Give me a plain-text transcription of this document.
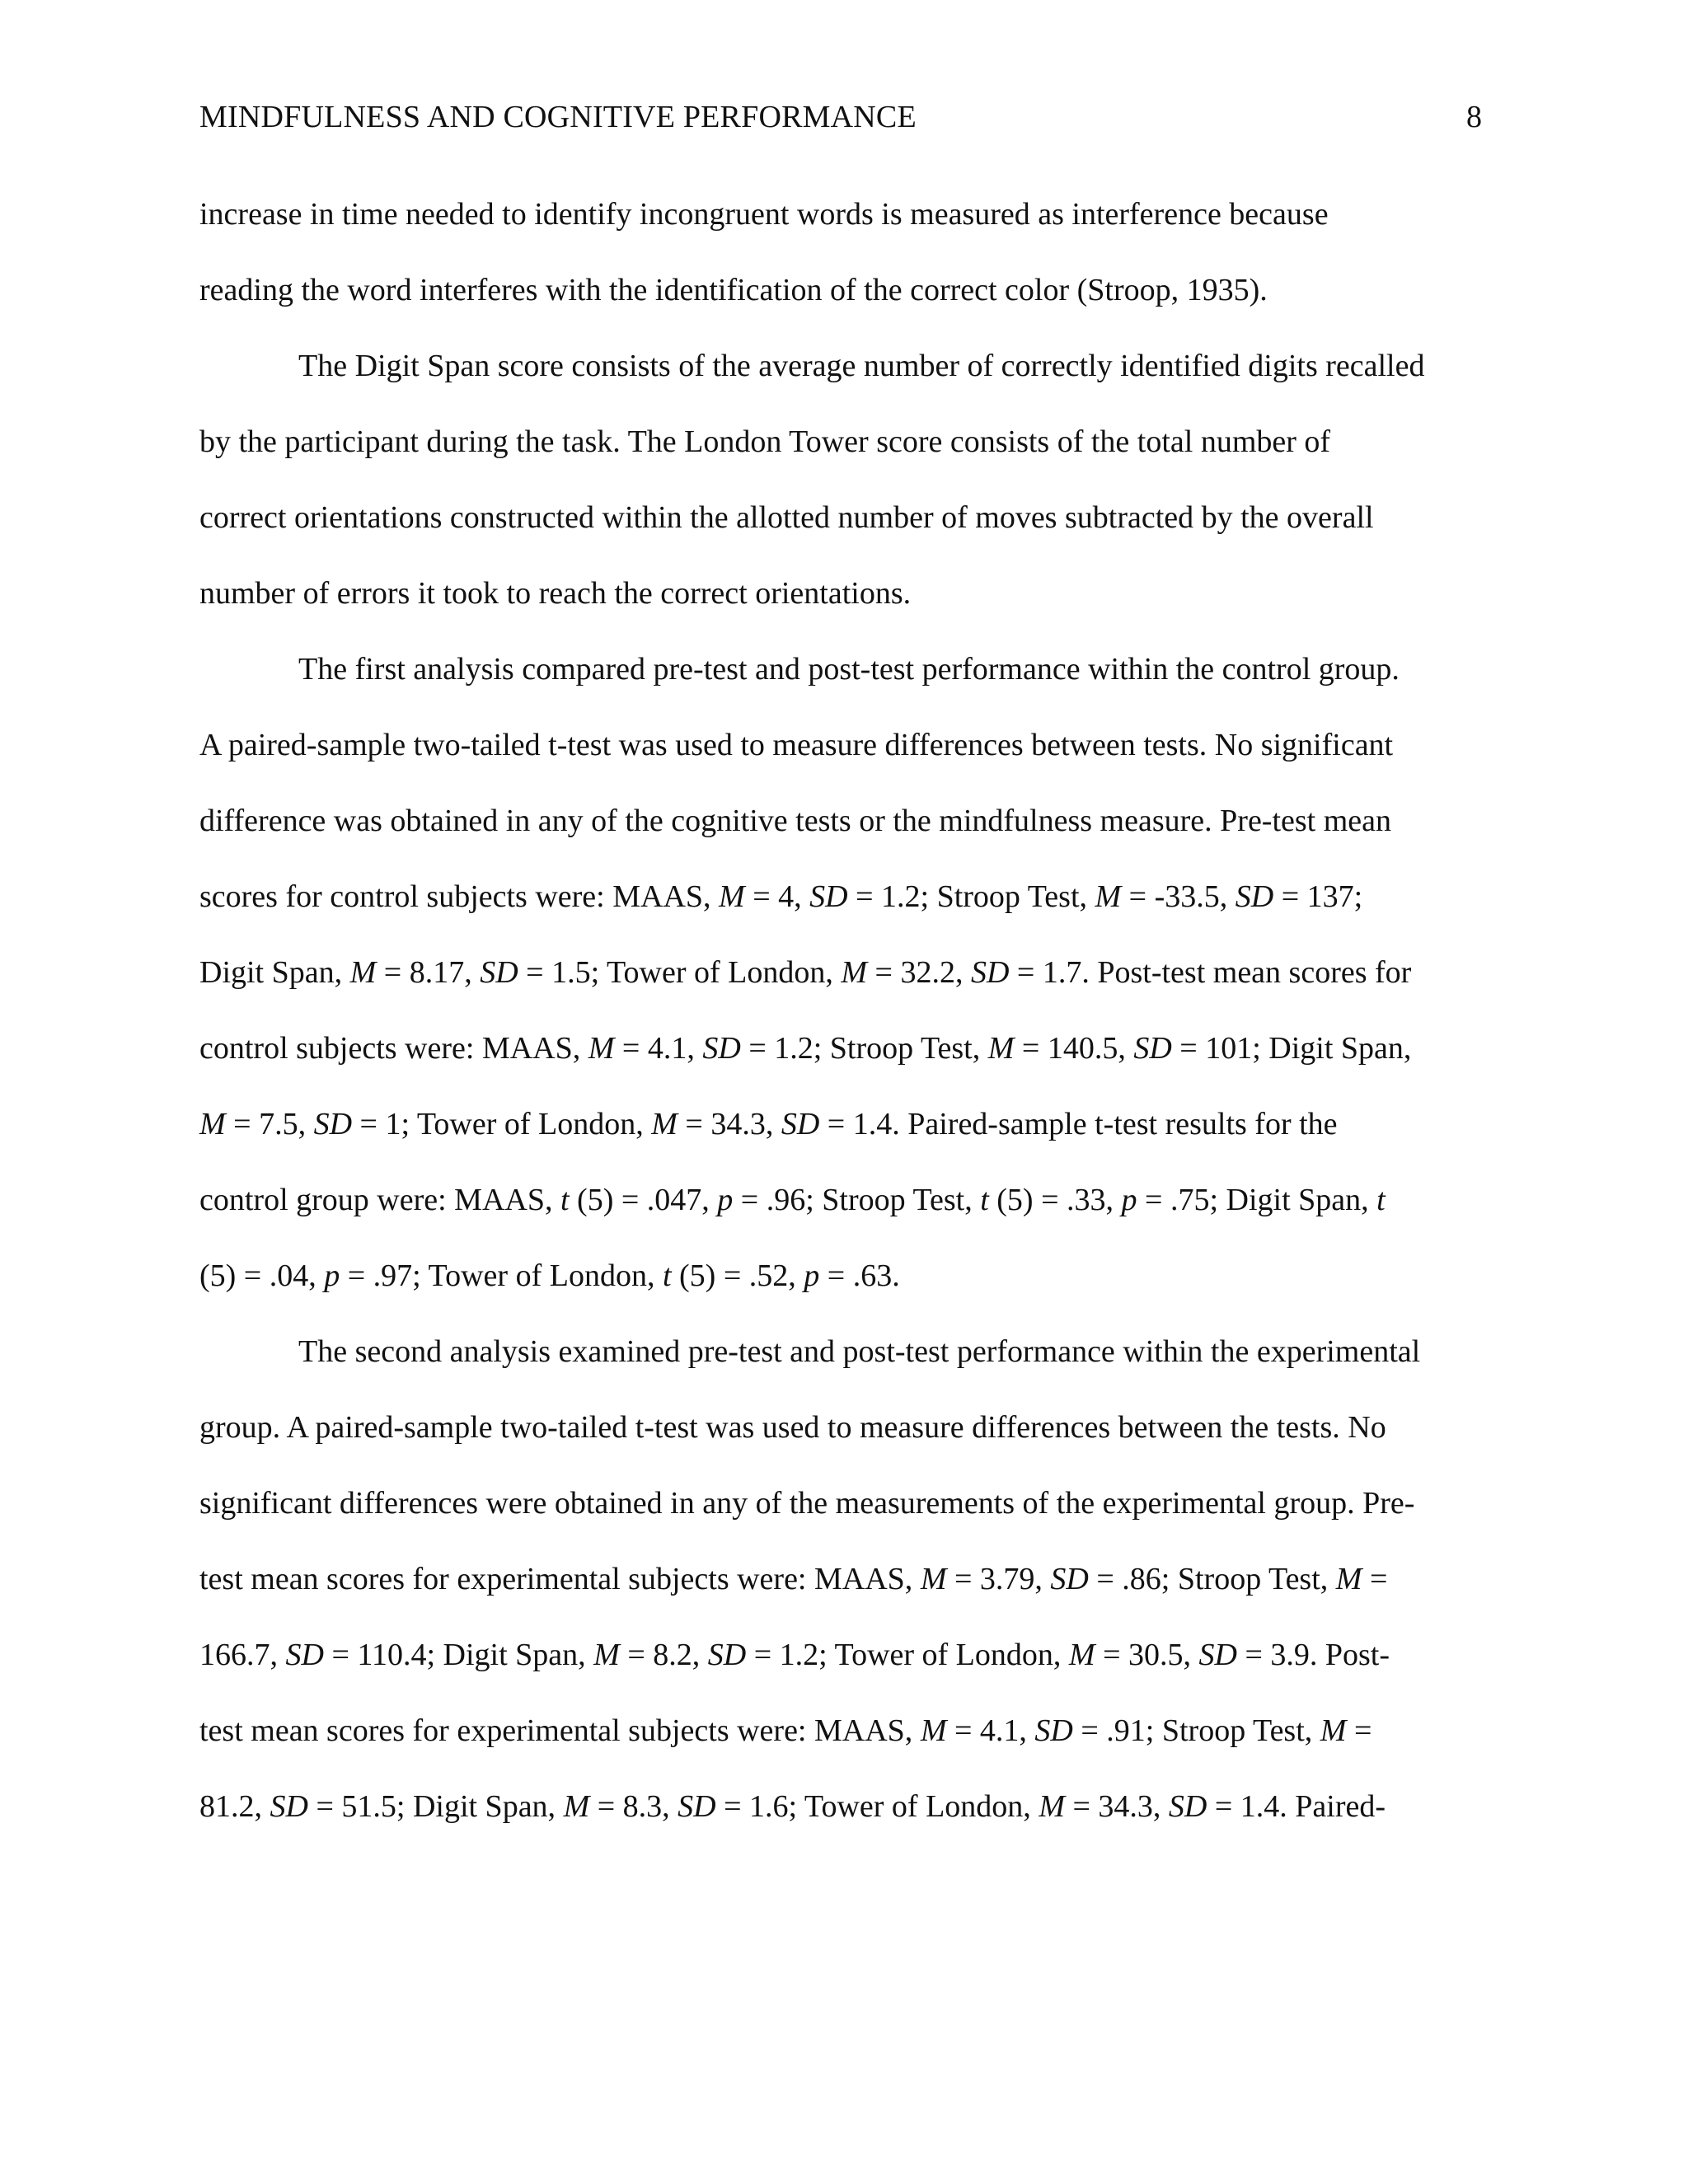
MINDFULNESS AND COGNITIVE PERFORMANCE	8
increase in time needed to identify incongruent words is measured as interference because
reading the word interferes with the identification of the correct color (Stroop, 1935).
The Digit Span score consists of the average number of correctly identified digits recalled
by the participant during the task. The London Tower score consists of the total number of
correct orientations constructed within the allotted number of moves subtracted by the overall
number of errors it took to reach the correct orientations.
The first analysis compared pre-test and post-test performance within the control group.
A paired-sample two-tailed t-test was used to measure differences between tests. No significant
difference was obtained in any of the cognitive tests or the mindfulness measure. Pre-test mean
scores for control subjects were: MAAS, M = 4, SD = 1.2; Stroop Test, M = -33.5, SD = 137;
Digit Span, M = 8.17, SD = 1.5; Tower of London, M = 32.2, SD = 1.7. Post-test mean scores for
control subjects were: MAAS, M = 4.1, SD = 1.2; Stroop Test, M = 140.5, SD = 101; Digit Span,
M = 7.5, SD = 1; Tower of London, M = 34.3, SD = 1.4. Paired-sample t-test results for the
control group were: MAAS, t (5) = .047, p = .96; Stroop Test, t (5) = .33, p = .75; Digit Span, t
(5) = .04, p = .97; Tower of London, t (5) = .52, p = .63.
The second analysis examined pre-test and post-test performance within the experimental
group. A paired-sample two-tailed t-test was used to measure differences between the tests. No
significant differences were obtained in any of the measurements of the experimental group. Pre-
test mean scores for experimental subjects were: MAAS, M = 3.79, SD = .86; Stroop Test, M =
166.7, SD = 110.4; Digit Span, M = 8.2, SD = 1.2; Tower of London, M = 30.5, SD = 3.9. Post-
test mean scores for experimental subjects were: MAAS, M = 4.1, SD = .91; Stroop Test, M =
81.2, SD = 51.5; Digit Span, M = 8.3, SD = 1.6; Tower of London, M = 34.3, SD = 1.4. Paired-
